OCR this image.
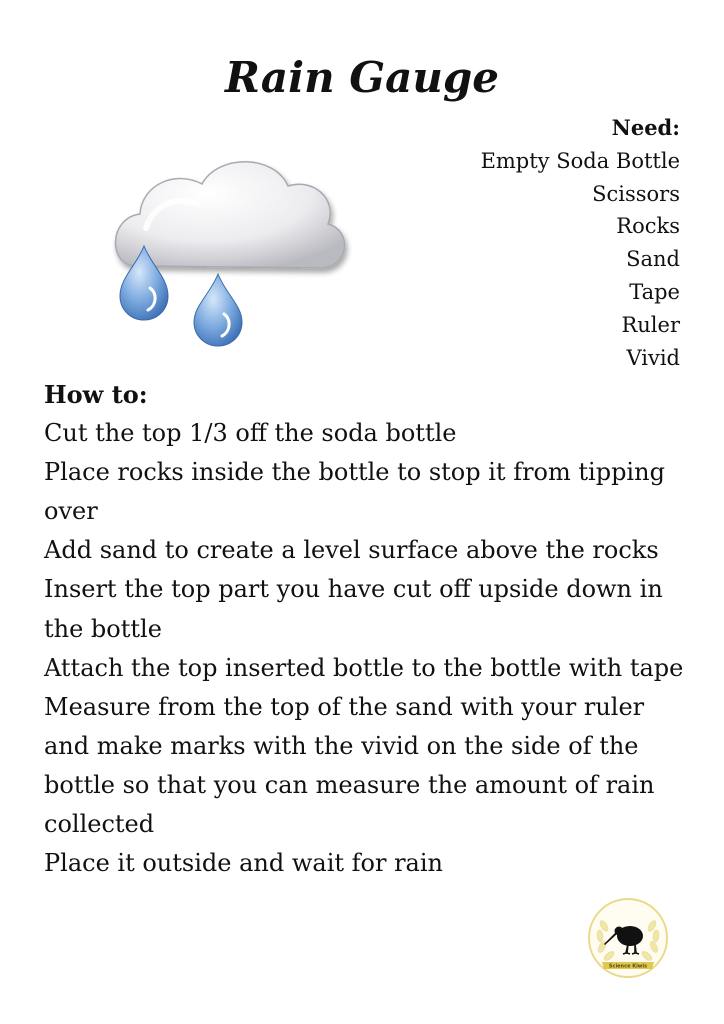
Rain Gauge
Need:
Empty Soda Bottle
Scissors
Rocks
Sand
Tape
Ruler
Vivid
How to:
Cut the top 1/3 off the soda bottle
Place rocks inside the bottle to stop it from tipping over
Add sand to create a level surface above the rocks
Insert the top part you have cut off upside down in the bottle
Attach the top inserted bottle to the bottle with tape
Measure from the top of the sand with your ruler and make marks with the vivid on the side of the bottle so that you can measure the amount of rain collected
Place it outside and wait for rain
Science Kiwis
